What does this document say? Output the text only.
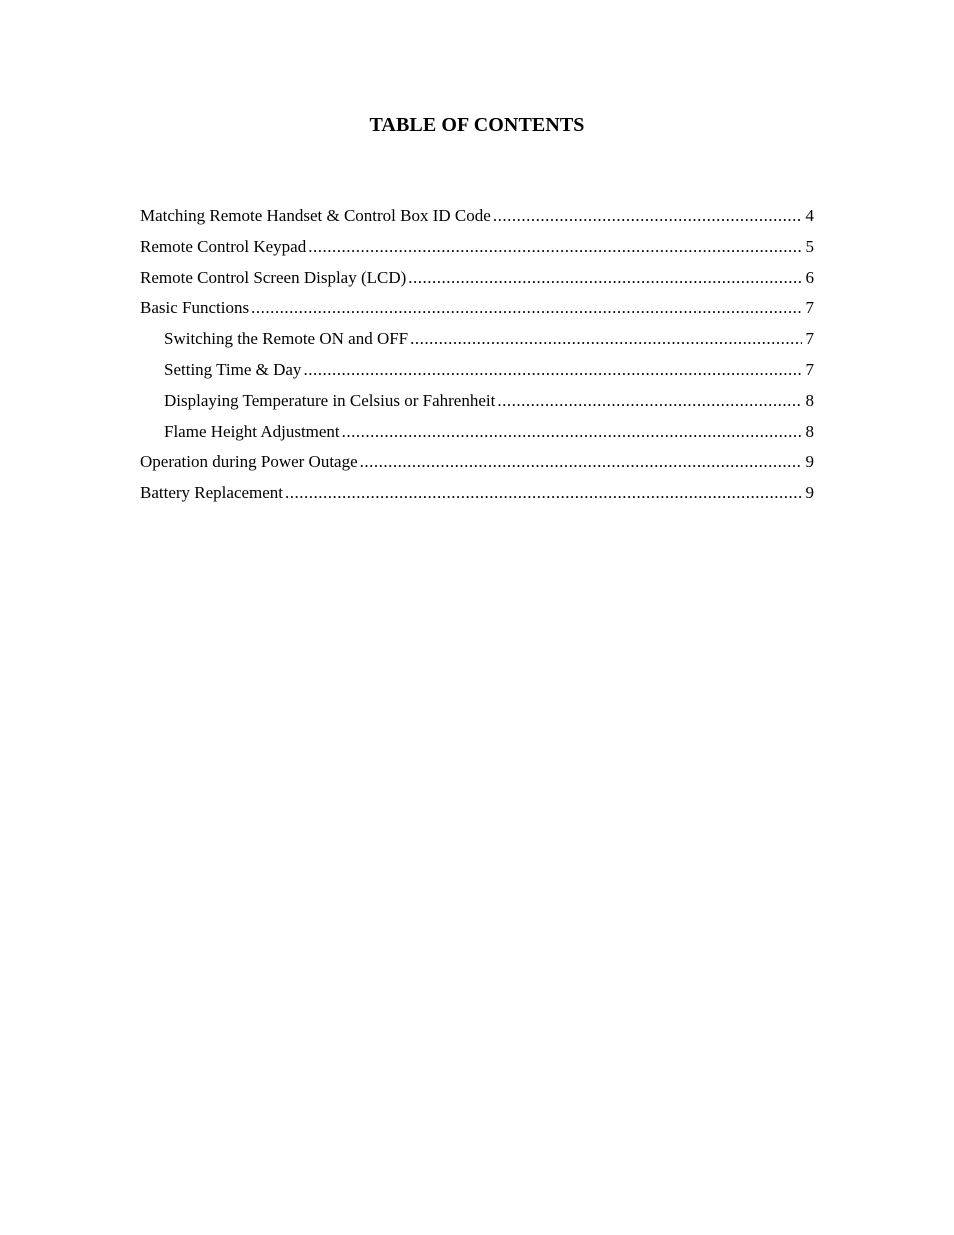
TABLE OF CONTENTS
Matching Remote Handset & Control Box ID Code .....	4
Remote Control Keypad .....	5
Remote Control Screen Display (LCD) .....	6
Basic Functions .....	7
Switching the Remote ON and OFF .....	7
Setting Time & Day .....	7
Displaying Temperature in Celsius or Fahrenheit .....	8
Flame Height Adjustment .....	8
Operation during Power Outage .....	9
Battery Replacement .....	9
